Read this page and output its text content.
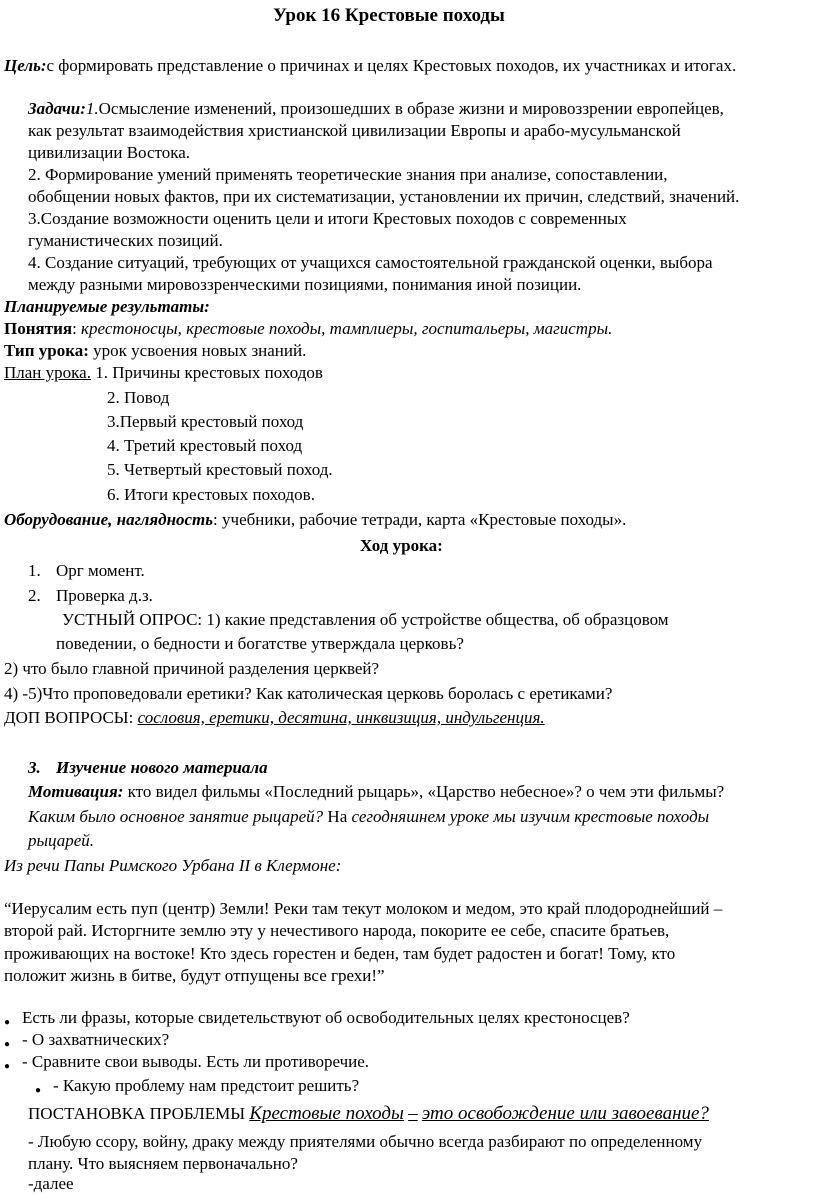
Урок 16 Крестовые походы
Цель:с формировать представление о причинах и целях Крестовых походов, их участниках и итогах.
Задачи:1.Осмысление изменений, произошедших в образе жизни и мировоззрении европейцев,
как результат взаимодействия христианской цивилизации Европы и арабо-мусульманской
цивилизации Востока.
2. Формирование умений применять теоретические знания при анализе, сопоставлении,
обобщении новых фактов, при их систематизации, установлении их причин, следствий, значений.
3.Создание возможности оценить цели и итоги Крестовых походов с современных
гуманистических позиций.
4. Создание ситуаций, требующих от учащихся самостоятельной гражданской оценки, выбора
между разными мировоззренческими позициями, понимания иной позиции.
Планируемые результаты:
Понятия: крестоносцы, крестовые походы, тамплиеры, госпитальеры, магистры.
Тип урока: урок усвоения новых знаний.
План урока. 1. Причины крестовых походов
2. Повод
3.Первый крестовый поход
4. Третий крестовый поход
5. Четвертый крестовый поход.
6. Итоги крестовых походов.
Оборудование, наглядность: учебники, рабочие тетради, карта «Крестовые походы».
Ход урока:
1. Орг момент.
2. Проверка д.з.
УСТНЫЙ ОПРОС: 1) какие представления об устройстве общества, об образцовом
поведении, о бедности и богатстве утверждала церковь?
2) что было главной причиной разделения церквей?
4) -5)Что проповедовали еретики? Как католическая церковь боролась с еретиками?
ДОП ВОПРОСЫ: сословия, еретики, десятина, инквизиция, индульгенция.
3. Изучение нового материала
Мотивация: кто видел фильмы «Последний рыцарь», «Царство небесное»? о чем эти фильмы?
Каким было основное занятие рыцарей? На сегодняшнем уроке мы изучим крестовые походы
рыцарей.
Из речи Папы Римского Урбана II в Клермоне:
“Иерусалим есть пуп (центр) Земли! Реки там текут молоком и медом, это край плодороднейший –
второй рай. Исторгните землю эту у нечестивого народа, покорите ее себе, спасите братьев,
проживающих на востоке! Кто здесь горестен и беден, там будет радостен и богат! Тому, кто
положит жизнь в битве, будут отпущены все грехи!”
● Есть ли фразы, которые свидетельствуют об освободительных целях крестоносцев?
● - О захватнических?
● - Сравните свои выводы. Есть ли противоречие.
● - Какую проблему нам предстоит решить?
ПОСТАНОВКА ПРОБЛЕМЫ Крестовые походы – это освобождение или завоевание?
- Любую ссору, войну, драку между приятелями обычно всегда разбирают по определенному
плану. Что выясняем первоначально?
-далее
